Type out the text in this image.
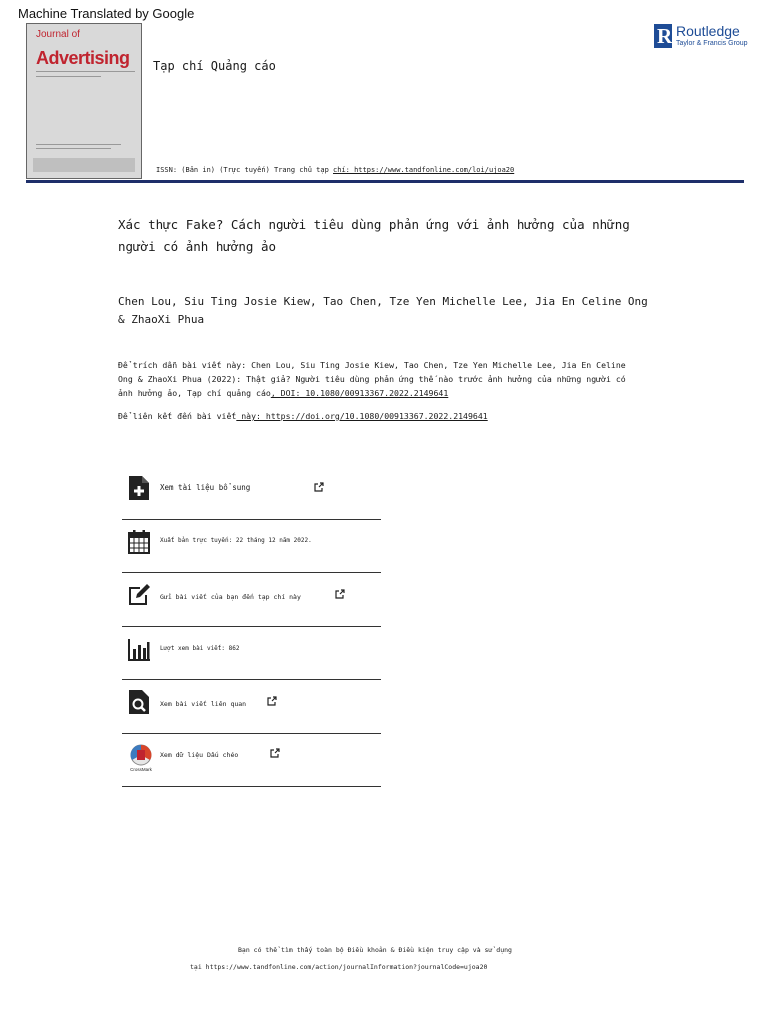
Machine Translated by Google
Journal of
Advertising Tạp chí Quảng cáo
ISSN: (Bản in) (Trực tuyến) Trang chủ tạp chí: https://www.tandfonline.com/loi/ujoa20
R Routledge
Taylor & Francis Group
Xác thực Fake? Cách người tiêu dùng phản ứng với ảnh hưởng của những người có ảnh hưởng ảo
Chen Lou, Siu Ting Josie Kiew, Tao Chen, Tze Yen Michelle Lee, Jia En Celine Ong & ZhaoXi Phua
Để trích dẫn bài viết này: Chen Lou, Siu Ting Josie Kiew, Tao Chen, Tze Yen Michelle Lee, Jia En Celine Ong & ZhaoXi Phua (2022): Thật giả? Người tiêu dùng phản ứng thế nào trước ảnh hưởng của những người có ảnh hưởng ảo, Tạp chí quảng cáo, DOI: 10.1080/00913367.2022.2149641
Để liên kết đến bài viết này: https://doi.org/10.1080/00913367.2022.2149641
Xem tài liệu bổ sung
Xuất bản trực tuyến: 22 tháng 12 năm 2022.
Gửi bài viết của bạn đến tạp chí này
Lượt xem bài viết: 862
Xem bài viết liên quan
CrossMark
Xem dữ liệu Dấu chéo
Bạn có thể tìm thấy toàn bộ Điều khoản & Điều kiện truy cập và sử dụng
tại https://www.tandfonline.com/action/journalInformation?journalCode=ujoa20
